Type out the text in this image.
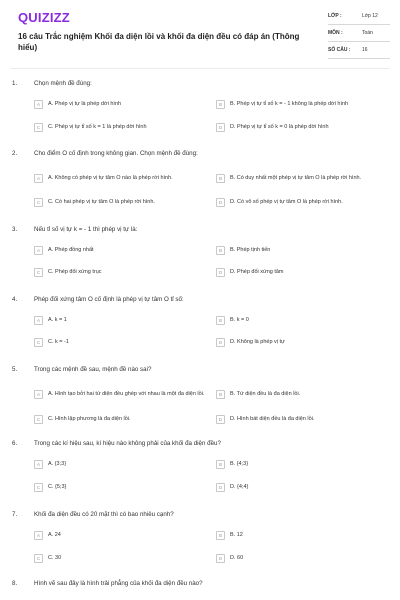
QUIZIZZ
16 câu Trắc nghiệm Khối đa diện lồi và khối đa diện đều có đáp án (Thông hiểu)
LỚP :	Lớp 12
MÔN :	Toán
SỐ CÂU :	16
1.	Chọn mệnh đề đúng:
A	A. Phép vị tự là phép dời hình	B	B. Phép vị tự tỉ số k = - 1 không là phép dời hình
C	C. Phép vị tự tỉ số k = 1 là phép dời hình	D	D. Phép vị tự tỉ số k = 0 là phép dời hình
2.	Cho điểm O cố định trong không gian. Chọn mệnh đề đúng:
A	A. Không có phép vị tự tâm O nào là phép rời hình.	B	B. Có duy nhất một phép vị tự tâm O là phép rời hình.
C	C. Có hai phép vị tự tâm O là phép rời hình.	D	D. Có vô số phép vị tự tâm O là phép rời hình.
3.	Nếu tỉ số vị tự k = - 1 thì phép vị tự là:
A	A. Phép đồng nhất	B	B. Phép tịnh tiến
C	C. Phép đối xứng trục	D	D. Phép đối xứng tâm
4.	Phép đối xứng tâm O cố định là phép vị tự tâm O tỉ số:
A	A. k = 1	B	B. k = 0
C	C. k = -1	D	D. Không là phép vị tự
5.	Trong các mệnh đề sau, mệnh đề nào sai?
A	A. Hình tạo bởi hai tứ diện đều ghép với nhau là một đa diện lồi.	B	B. Tứ diện đều là đa diện lồi.
C	C. Hình lập phương là đa diện lồi.	D	D. Hình bát diện đều là đa diện lồi.
6.	Trong các kí hiệu sau, kí hiệu nào không phải của khối đa diện đều?
A	A. {3;3}	B	B. {4;3}
C	C. {5;3}	D	D. {4;4}
7.	Khối đa diện đều có 20 mặt thì có bao nhiêu cạnh?
A	A. 24	B	B. 12
C	C. 30	D	D. 60
8.	Hình vẽ sau đây là hình trải phẳng của khối đa diện đều nào?
